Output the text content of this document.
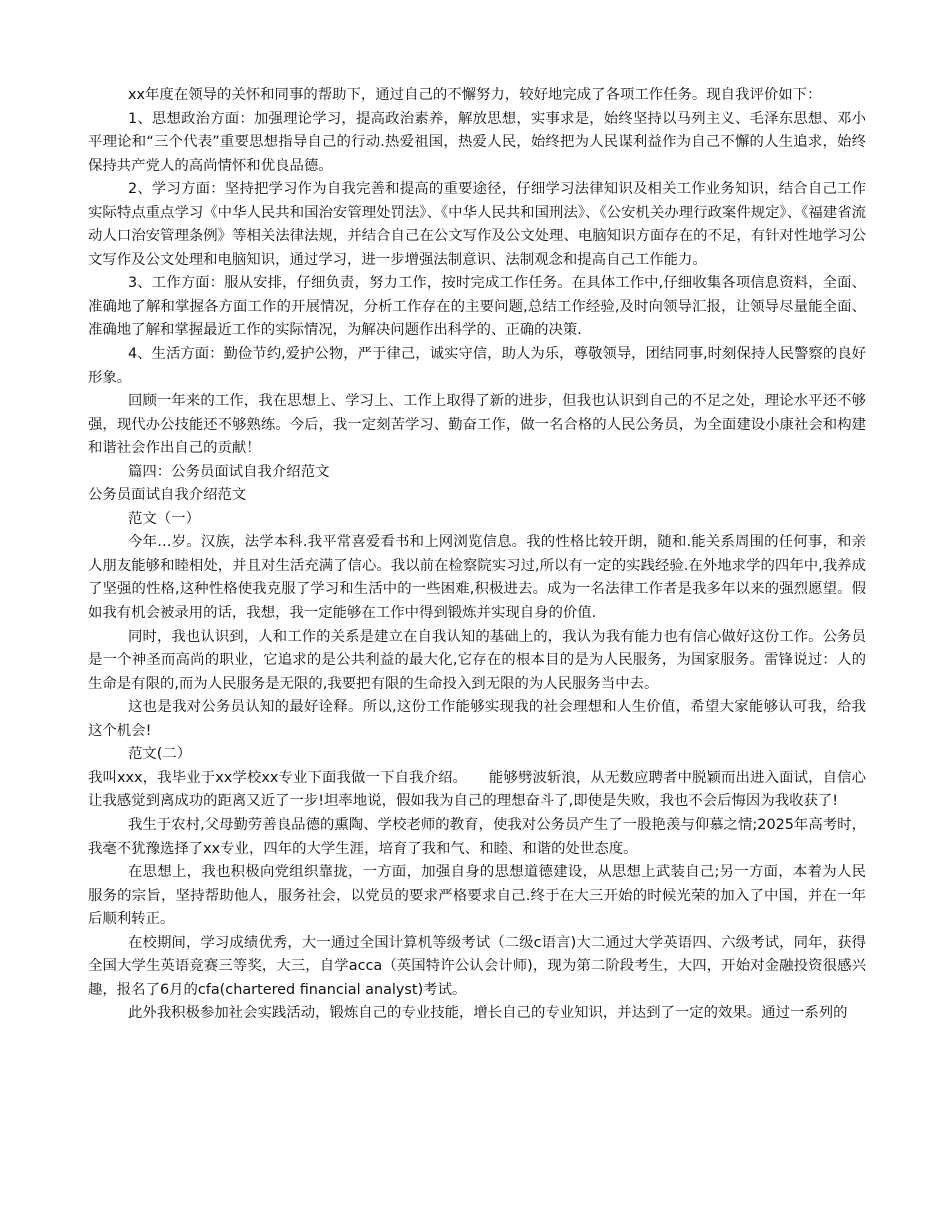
xx年度在领导的关怀和同事的帮助下，通过自己的不懈努力，较好地完成了各项工作任务。现自我评价如下：

1、思想政治方面：加强理论学习，提高政治素养，解放思想，实事求是，始终坚持以马列主义、毛泽东思想、邓小平理论和“三个代表”重要思想指导自己的行动.热爱祖国，热爱人民，始终把为人民谋利益作为自己不懈的人生追求，始终保持共产党人的高尚情怀和优良品德。

2、学习方面：坚持把学习作为自我完善和提高的重要途径，仔细学习法律知识及相关工作业务知识，结合自己工作实际特点重点学习《中华人民共和国治安管理处罚法》、《中华人民共和国刑法》、《公安机关办理行政案件规定》、《福建省流动人口治安管理条例》等相关法律法规，并结合自己在公文写作及公文处理、电脑知识方面存在的不足，有针对性地学习公文写作及公文处理和电脑知识，通过学习，进一步增强法制意识、法制观念和提高自己工作能力。

3、工作方面：服从安排，仔细负责，努力工作，按时完成工作任务。在具体工作中,仔细收集各项信息资料，全面、准确地了解和掌握各方面工作的开展情况，分析工作存在的主要问题,总结工作经验,及时向领导汇报，让领导尽量能全面、准确地了解和掌握最近工作的实际情况，为解决问题作出科学的、正确的决策.

4、生活方面：勤俭节约,爱护公物，严于律己，诚实守信，助人为乐，尊敬领导，团结同事,时刻保持人民警察的良好形象。

回顾一年来的工作，我在思想上、学习上、工作上取得了新的进步，但我也认识到自己的不足之处，理论水平还不够强，现代办公技能还不够熟练。今后，我一定刻苦学习、勤奋工作，做一名合格的人民公务员，为全面建设小康社会和构建和谐社会作出自己的贡献！

篇四：公务员面试自我介绍范文

公务员面试自我介绍范文

范文（一）

今年…岁。汉族，法学本科.我平常喜爱看书和上网浏览信息。我的性格比较开朗，随和.能关系周围的任何事，和亲人朋友能够和睦相处，并且对生活充满了信心。我以前在检察院实习过,所以有一定的实践经验.在外地求学的四年中,我养成了坚强的性格,这种性格使我克服了学习和生活中的一些困难,积极进去。成为一名法律工作者是我多年以来的强烈愿望。假如我有机会被录用的话，我想，我一定能够在工作中得到锻炼并实现自身的价值.

同时，我也认识到，人和工作的关系是建立在自我认知的基础上的，我认为我有能力也有信心做好这份工作。公务员是一个神圣而高尚的职业，它追求的是公共利益的最大化,它存在的根本目的是为人民服务，为国家服务。雷锋说过：人的生命是有限的,而为人民服务是无限的,我要把有限的生命投入到无限的为人民服务当中去。

这也是我对公务员认知的最好诠释。所以,这份工作能够实现我的社会理想和人生价值，希望大家能够认可我，给我这个机会!

范文(二）

我叫xxx，我毕业于xx学校xx专业下面我做一下自我介绍。　　能够劈波斩浪，从无数应聘者中脱颖而出进入面试，自信心让我感觉到离成功的距离又近了一步!坦率地说，假如我为自己的理想奋斗了,即使是失败，我也不会后悔因为我收获了!

我生于农村,父母勤劳善良品德的熏陶、学校老师的教育，使我对公务员产生了一股艳羡与仰慕之情;2025年高考时，我毫不犹豫选择了xx专业，四年的大学生涯，培育了我和气、和睦、和谐的处世态度。

在思想上，我也积极向党组织靠拢，一方面，加强自身的思想道德建设，从思想上武装自己;另一方面，本着为人民服务的宗旨，坚持帮助他人，服务社会，以党员的要求严格要求自己.终于在大三开始的时候光荣的加入了中国，并在一年后顺利转正。

在校期间，学习成绩优秀，大一通过全国计算机等级考试（二级c语言)大二通过大学英语四、六级考试，同年，获得全国大学生英语竞赛三等奖，大三，自学acca（英国特许公认会计师)，现为第二阶段考生，大四，开始对金融投资很感兴趣，报名了6月的cfa(chartered financial analyst)考试。

此外我积极参加社会实践活动，锻炼自己的专业技能，增长自己的专业知识，并达到了一定的效果。通过一系列的
